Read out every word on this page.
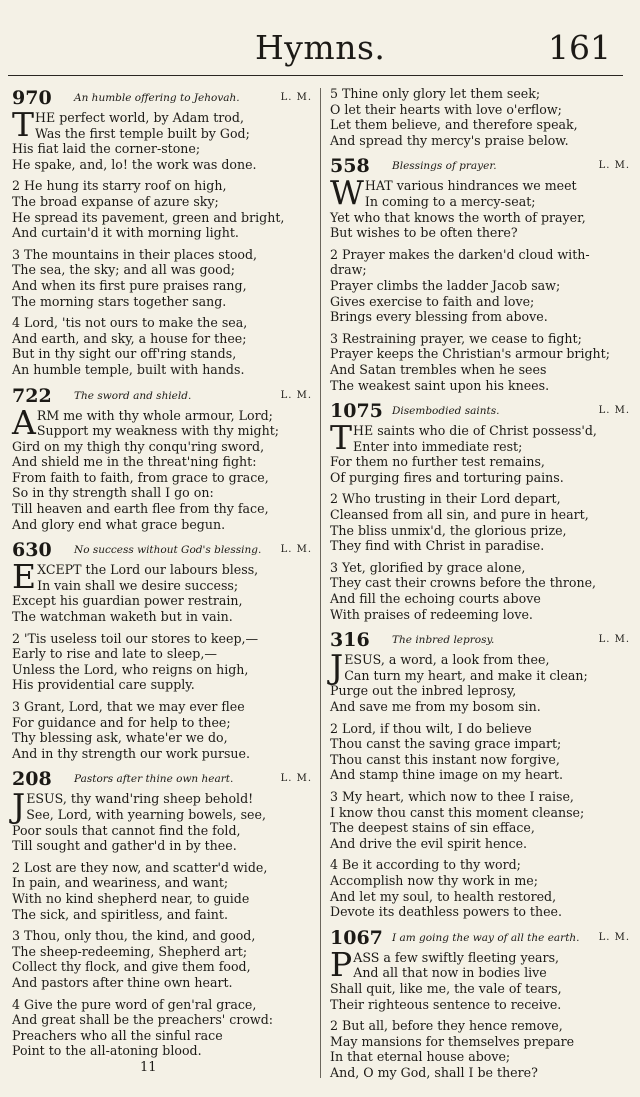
Hymns.	161
970 An humble offering to Jehovah.	L. M.
T HE perfect world, by Adam trod,
Was the first temple built by God;
His fiat laid the corner-stone;
He spake, and, lo! the work was done.
2 He hung its starry roof on high,
The broad expanse of azure sky;
He spread its pavement, green and bright,
And curtain'd it with morning light.
3 The mountains in their places stood,
The sea, the sky; and all was good;
And when its first pure praises rang,
The morning stars together sang.
4 Lord, 'tis not ours to make the sea,
And earth, and sky, a house for thee;
But in thy sight our off'ring stands,
An humble temple, built with hands.
722 The sword and shield.	L. M.
A RM me with thy whole armour, Lord;
Support my weakness with thy might;
Gird on my thigh thy conqu'ring sword,
And shield me in the threat'ning fight:
From faith to faith, from grace to grace,
So in thy strength shall I go on:
Till heaven and earth flee from thy face,
And glory end what grace begun.
630 No success without God's blessing. L. M.
E XCEPT the Lord our labours bless,
In vain shall we desire success;
Except his guardian power restrain,
The watchman waketh but in vain.
2 'Tis useless toil our stores to keep,—
Early to rise and late to sleep,—
Unless the Lord, who reigns on high,
His providential care supply.
3 Grant, Lord, that we may ever flee
For guidance and for help to thee;
Thy blessing ask, whate'er we do,
And in thy strength our work pursue.
208 Pastors after thine own heart.	L. M.
J ESUS, thy wand'ring sheep behold!
See, Lord, with yearning bowels, see,
Poor souls that cannot find the fold,
Till sought and gather'd in by thee.
2 Lost are they now, and scatter'd wide,
In pain, and weariness, and want;
With no kind shepherd near, to guide
The sick, and spiritless, and faint.
3 Thou, only thou, the kind, and good,
The sheep-redeeming, Shepherd art;
Collect thy flock, and give them food,
And pastors after thine own heart.
4 Give the pure word of gen'ral grace,
And great shall be the preachers' crowd:
Preachers who all the sinful race
Point to the all-atoning blood.
5 Thine only glory let them seek;
O let their hearts with love o'erflow;
Let them believe, and therefore speak,
And spread thy mercy's praise below.
558 Blessings of prayer.	L. M.
W HAT various hindrances we meet
In coming to a mercy-seat;
Yet who that knows the worth of prayer,
But wishes to be often there?
2 Prayer makes the darken'd cloud with-
draw;
Prayer climbs the ladder Jacob saw;
Gives exercise to faith and love;
Brings every blessing from above.
3 Restraining prayer, we cease to fight;
Prayer keeps the Christian's armour bright;
And Satan trembles when he sees
The weakest saint upon his knees.
1075 Disembodied saints.	L. M.
T HE saints who die of Christ possess'd,
Enter into immediate rest;
For them no further test remains,
Of purging fires and torturing pains.
2 Who trusting in their Lord depart,
Cleansed from all sin, and pure in heart,
The bliss unmix'd, the glorious prize,
They find with Christ in paradise.
3 Yet, glorified by grace alone,
They cast their crowns before the throne,
And fill the echoing courts above
With praises of redeeming love.
316 The inbred leprosy.	L. M.
J ESUS, a word, a look from thee,
Can turn my heart, and make it clean;
Purge out the inbred leprosy,
And save me from my bosom sin.
2 Lord, if thou wilt, I do believe
Thou canst the saving grace impart;
Thou canst this instant now forgive,
And stamp thine image on my heart.
3 My heart, which now to thee I raise,
I know thou canst this moment cleanse;
The deepest stains of sin efface,
And drive the evil spirit hence.
4 Be it according to thy word;
Accomplish now thy work in me;
And let my soul, to health restored,
Devote its deathless powers to thee.
1067 I am going the way of all the earth. L. M.
P ASS a few swiftly fleeting years,
And all that now in bodies live
Shall quit, like me, the vale of tears,
Their righteous sentence to receive.
2 But all, before they hence remove,
May mansions for themselves prepare
In that eternal house above;
And, O my God, shall I be there?
11
